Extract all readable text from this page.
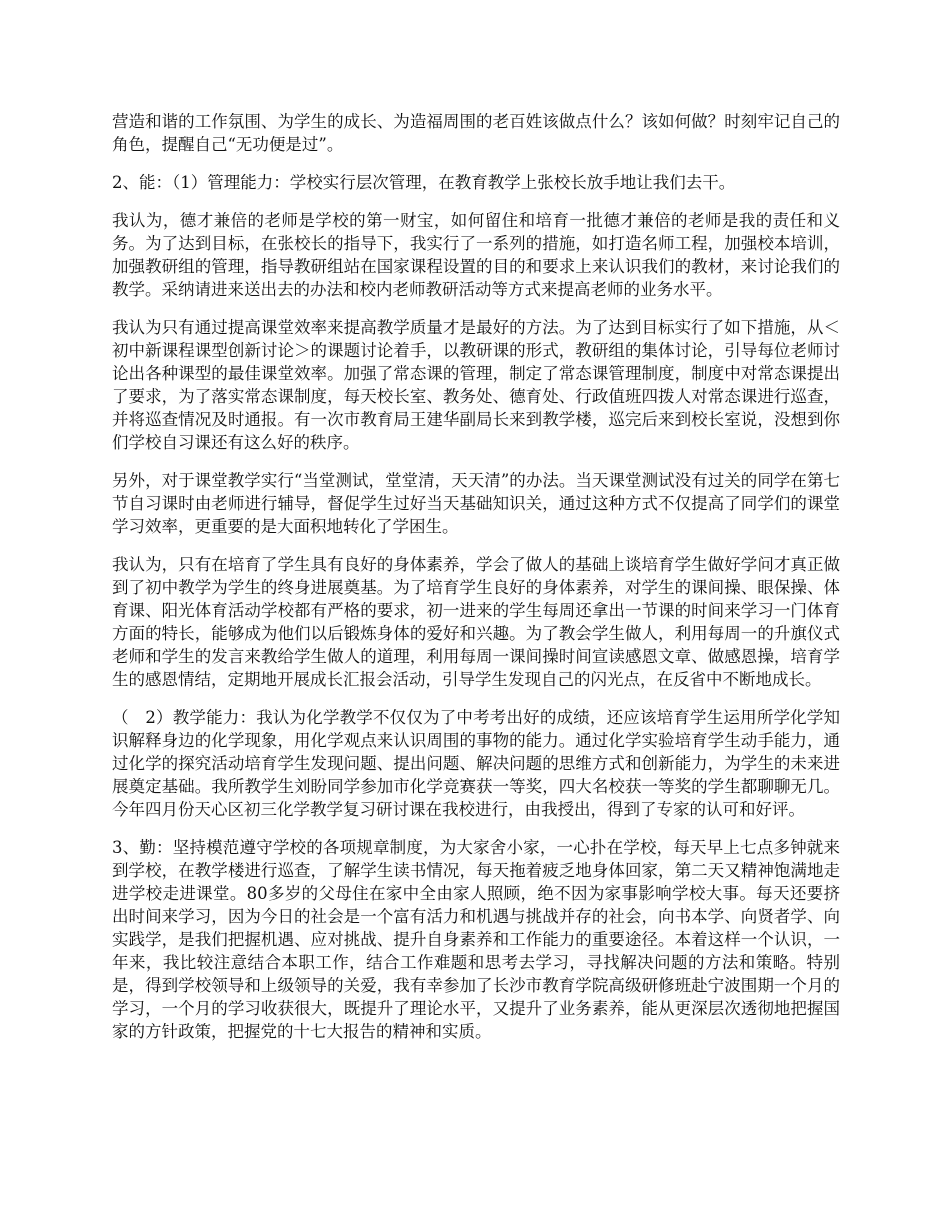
营造和谐的工作氛围、为学生的成长、为造福周围的老百姓该做点什么？该如何做？时刻牢记自己的角色，提醒自己“无功便是过”。

2、能：（1）管理能力：学校实行层次管理，在教育教学上张校长放手地让我们去干。

我认为，德才兼倍的老师是学校的第一财宝，如何留住和培育一批德才兼倍的老师是我的责任和义务。为了达到目标，在张校长的指导下，我实行了一系列的措施，如打造名师工程，加强校本培训，加强教研组的管理，指导教研组站在国家课程设置的目的和要求上来认识我们的教材，来讨论我们的教学。采纳请进来送出去的办法和校内老师教研活动等方式来提高老师的业务水平。

我认为只有通过提高课堂效率来提高教学质量才是最好的方法。为了达到目标实行了如下措施，从＜初中新课程课型创新讨论＞的课题讨论着手，以教研课的形式，教研组的集体讨论，引导每位老师讨论出各种课型的最佳课堂效率。加强了常态课的管理，制定了常态课管理制度，制度中对常态课提出了要求，为了落实常态课制度，每天校长室、教务处、德育处、行政值班四拨人对常态课进行巡查，并将巡查情况及时通报。有一次市教育局王建华副局长来到教学楼，巡完后来到校长室说，没想到你们学校自习课还有这么好的秩序。

另外，对于课堂教学实行“当堂测试，堂堂清，天天清”的办法。当天课堂测试没有过关的同学在第七节自习课时由老师进行辅导，督促学生过好当天基础知识关，通过这种方式不仅提高了同学们的课堂学习效率，更重要的是大面积地转化了学困生。

我认为，只有在培育了学生具有良好的身体素养，学会了做人的基础上谈培育学生做好学问才真正做到了初中教学为学生的终身进展奠基。为了培育学生良好的身体素养，对学生的课间操、眼保操、体育课、阳光体育活动学校都有严格的要求，初一进来的学生每周还拿出一节课的时间来学习一门体育方面的特长，能够成为他们以后锻炼身体的爱好和兴趣。为了教会学生做人，利用每周一的升旗仪式老师和学生的发言来教给学生做人的道理，利用每周一课间操时间宣读感恩文章、做感恩操，培育学生的感恩情结，定期地开展成长汇报会活动，引导学生发现自己的闪光点，在反省中不断地成长。

（　2）教学能力：我认为化学教学不仅仅为了中考考出好的成绩，还应该培育学生运用所学化学知识解释身边的化学现象，用化学观点来认识周围的事物的能力。通过化学实验培育学生动手能力，通过化学的探究活动培育学生发现问题、提出问题、解决问题的思维方式和创新能力，为学生的未来进展奠定基础。我所教学生刘盼同学参加市化学竞赛获一等奖，四大名校获一等奖的学生都聊聊无几。今年四月份天心区初三化学教学复习研讨课在我校进行，由我授出，得到了专家的认可和好评。

3、勤：坚持模范遵守学校的各项规章制度，为大家舍小家，一心扑在学校，每天早上七点多钟就来到学校，在教学楼进行巡查，了解学生读书情况，每天拖着疲乏地身体回家，第二天又精神饱满地走进学校走进课堂。80多岁的父母住在家中全由家人照顾，绝不因为家事影响学校大事。每天还要挤出时间来学习，因为今日的社会是一个富有活力和机遇与挑战并存的社会，向书本学、向贤者学、向实践学，是我们把握机遇、应对挑战、提升自身素养和工作能力的重要途径。本着这样一个认识，一年来，我比较注意结合本职工作，结合工作难题和思考去学习，寻找解决问题的方法和策略。特别是，得到学校领导和上级领导的关爱，我有幸参加了长沙市教育学院高级研修班赴宁波围期一个月的学习，一个月的学习收获很大，既提升了理论水平，又提升了业务素养，能从更深层次透彻地把握国家的方针政策，把握党的十七大报告的精神和实质。
